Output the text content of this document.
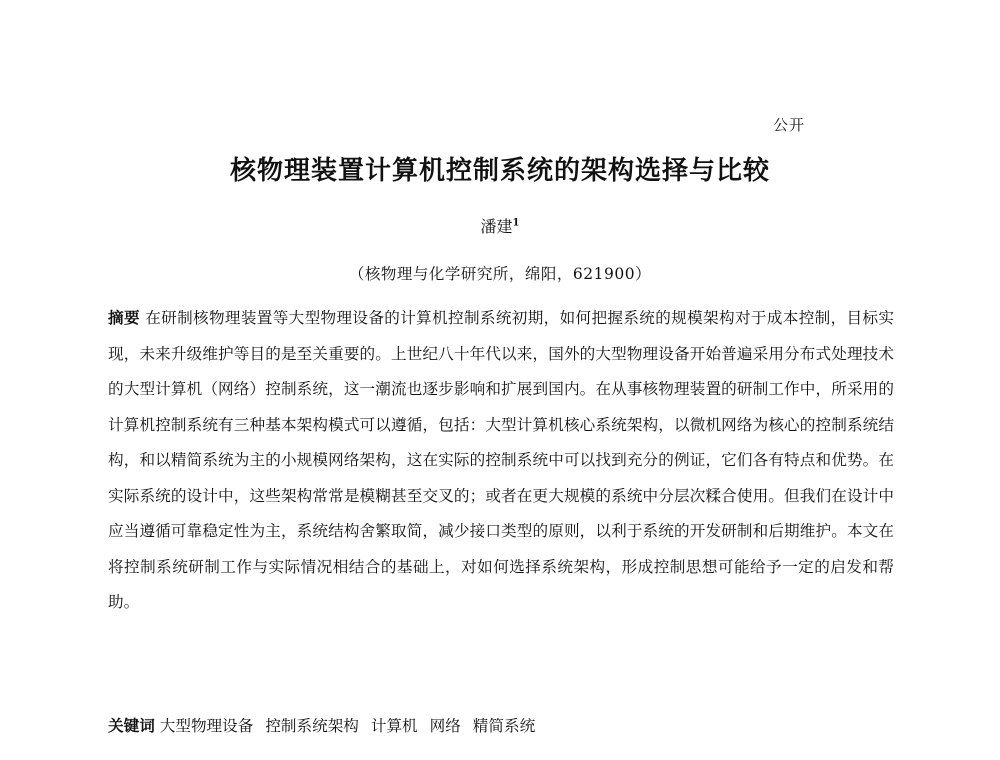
公开
核物理装置计算机控制系统的架构选择与比较
潘建$^1$
（核物理与化学研究所，绵阳，621900）
摘要 在研制核物理装置等大型物理设备的计算机控制系统初期，如何把握系统的规模架构对于成本控制，目标实现，未来升级维护等目的是至关重要的。上世纪八十年代以来，国外的大型物理设备开始普遍采用分布式处理技术的大型计算机（网络）控制系统，这一潮流也逐步影响和扩展到国内。在从事核物理装置的研制工作中，所采用的计算机控制系统有三种基本架构模式可以遵循，包括：大型计算机核心系统架构，以微机网络为核心的控制系统结构，和以精简系统为主的小规模网络架构，这在实际的控制系统中可以找到充分的例证，它们各有特点和优势。在实际系统的设计中，这些架构常常是模糊甚至交叉的；或者在更大规模的系统中分层次糅合使用。但我们在设计中应当遵循可靠稳定性为主，系统结构舍繁取简，减少接口类型的原则，以利于系统的开发研制和后期维护。本文在将控制系统研制工作与实际情况相结合的基础上，对如何选择系统架构，形成控制思想可能给予一定的启发和帮助。
关键词 大型物理设备 控制系统架构 计算机 网络 精简系统
